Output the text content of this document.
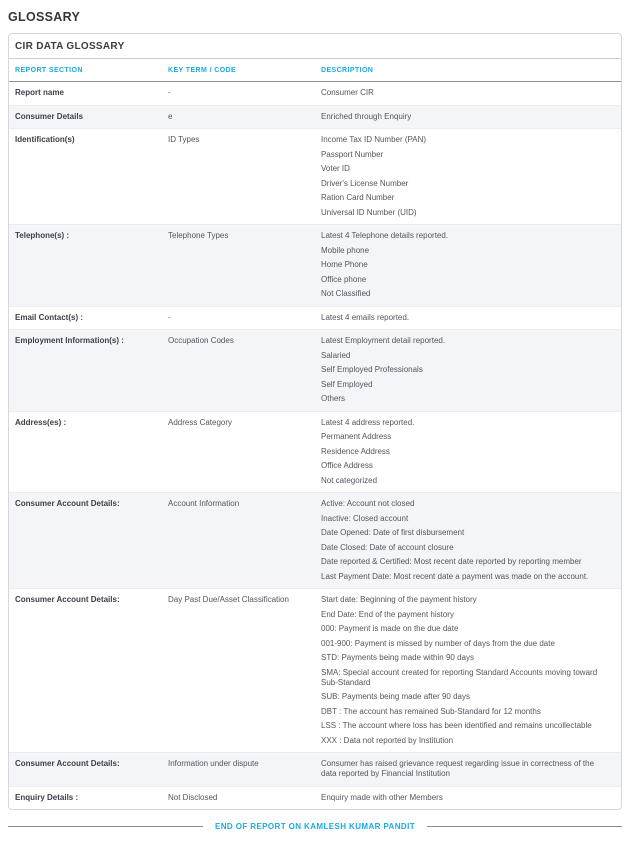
GLOSSARY
CIR DATA GLOSSARY
REPORT SECTION	KEY TERM / CODE	DESCRIPTION
Report name	-	Consumer CIR
Consumer Details	e	Enriched through Enquiry
Identification(s)	ID Types	Income Tax ID Number (PAN)
Passport Number
Voter ID
Driver's License Number
Ration Card Number
Universal ID Number (UID)
Telephone(s) :	Telephone Types	Latest 4 Telephone details reported.
Mobile phone
Home Phone
Office phone
Not Classified
Email Contact(s) :	-	Latest 4 emails reported.
Employment Information(s) :	Occupation Codes	Latest Employment detail reported.
Salaried
Self Employed Professionals
Self Employed
Others
Address(es) :	Address Category	Latest 4 address reported.
Permanent Address
Residence Address
Office Address
Not categorized
Consumer Account Details:	Account Information	Active: Account not closed
Inactive: Closed account
Date Opened: Date of first disbursement
Date Closed: Date of account closure
Date reported & Certified: Most recent date reported by reporting member
Last Payment Date: Most recent date a payment was made on the account.
Consumer Account Details:	Day Past Due/Asset Classification	Start date: Beginning of the payment history
End Date: End of the payment history
000: Payment is made on the due date
001-900: Payment is missed by number of days from the due date
STD: Payments being made within 90 days
SMA: Special account created for reporting Standard Accounts moving toward Sub-Standard
SUB: Payments being made after 90 days
DBT : The account has remained Sub-Standard for 12 months
LSS : The account where loss has been identified and remains uncollectable
XXX : Data not reported by Institution
Consumer Account Details:	Information under dispute	Consumer has raised grievance request regarding issue in correctness of the data reported by Financial Institution
Enquiry Details :	Not Disclosed	Enquiry made with other Members
END OF REPORT ON KAMLESH KUMAR PANDIT
